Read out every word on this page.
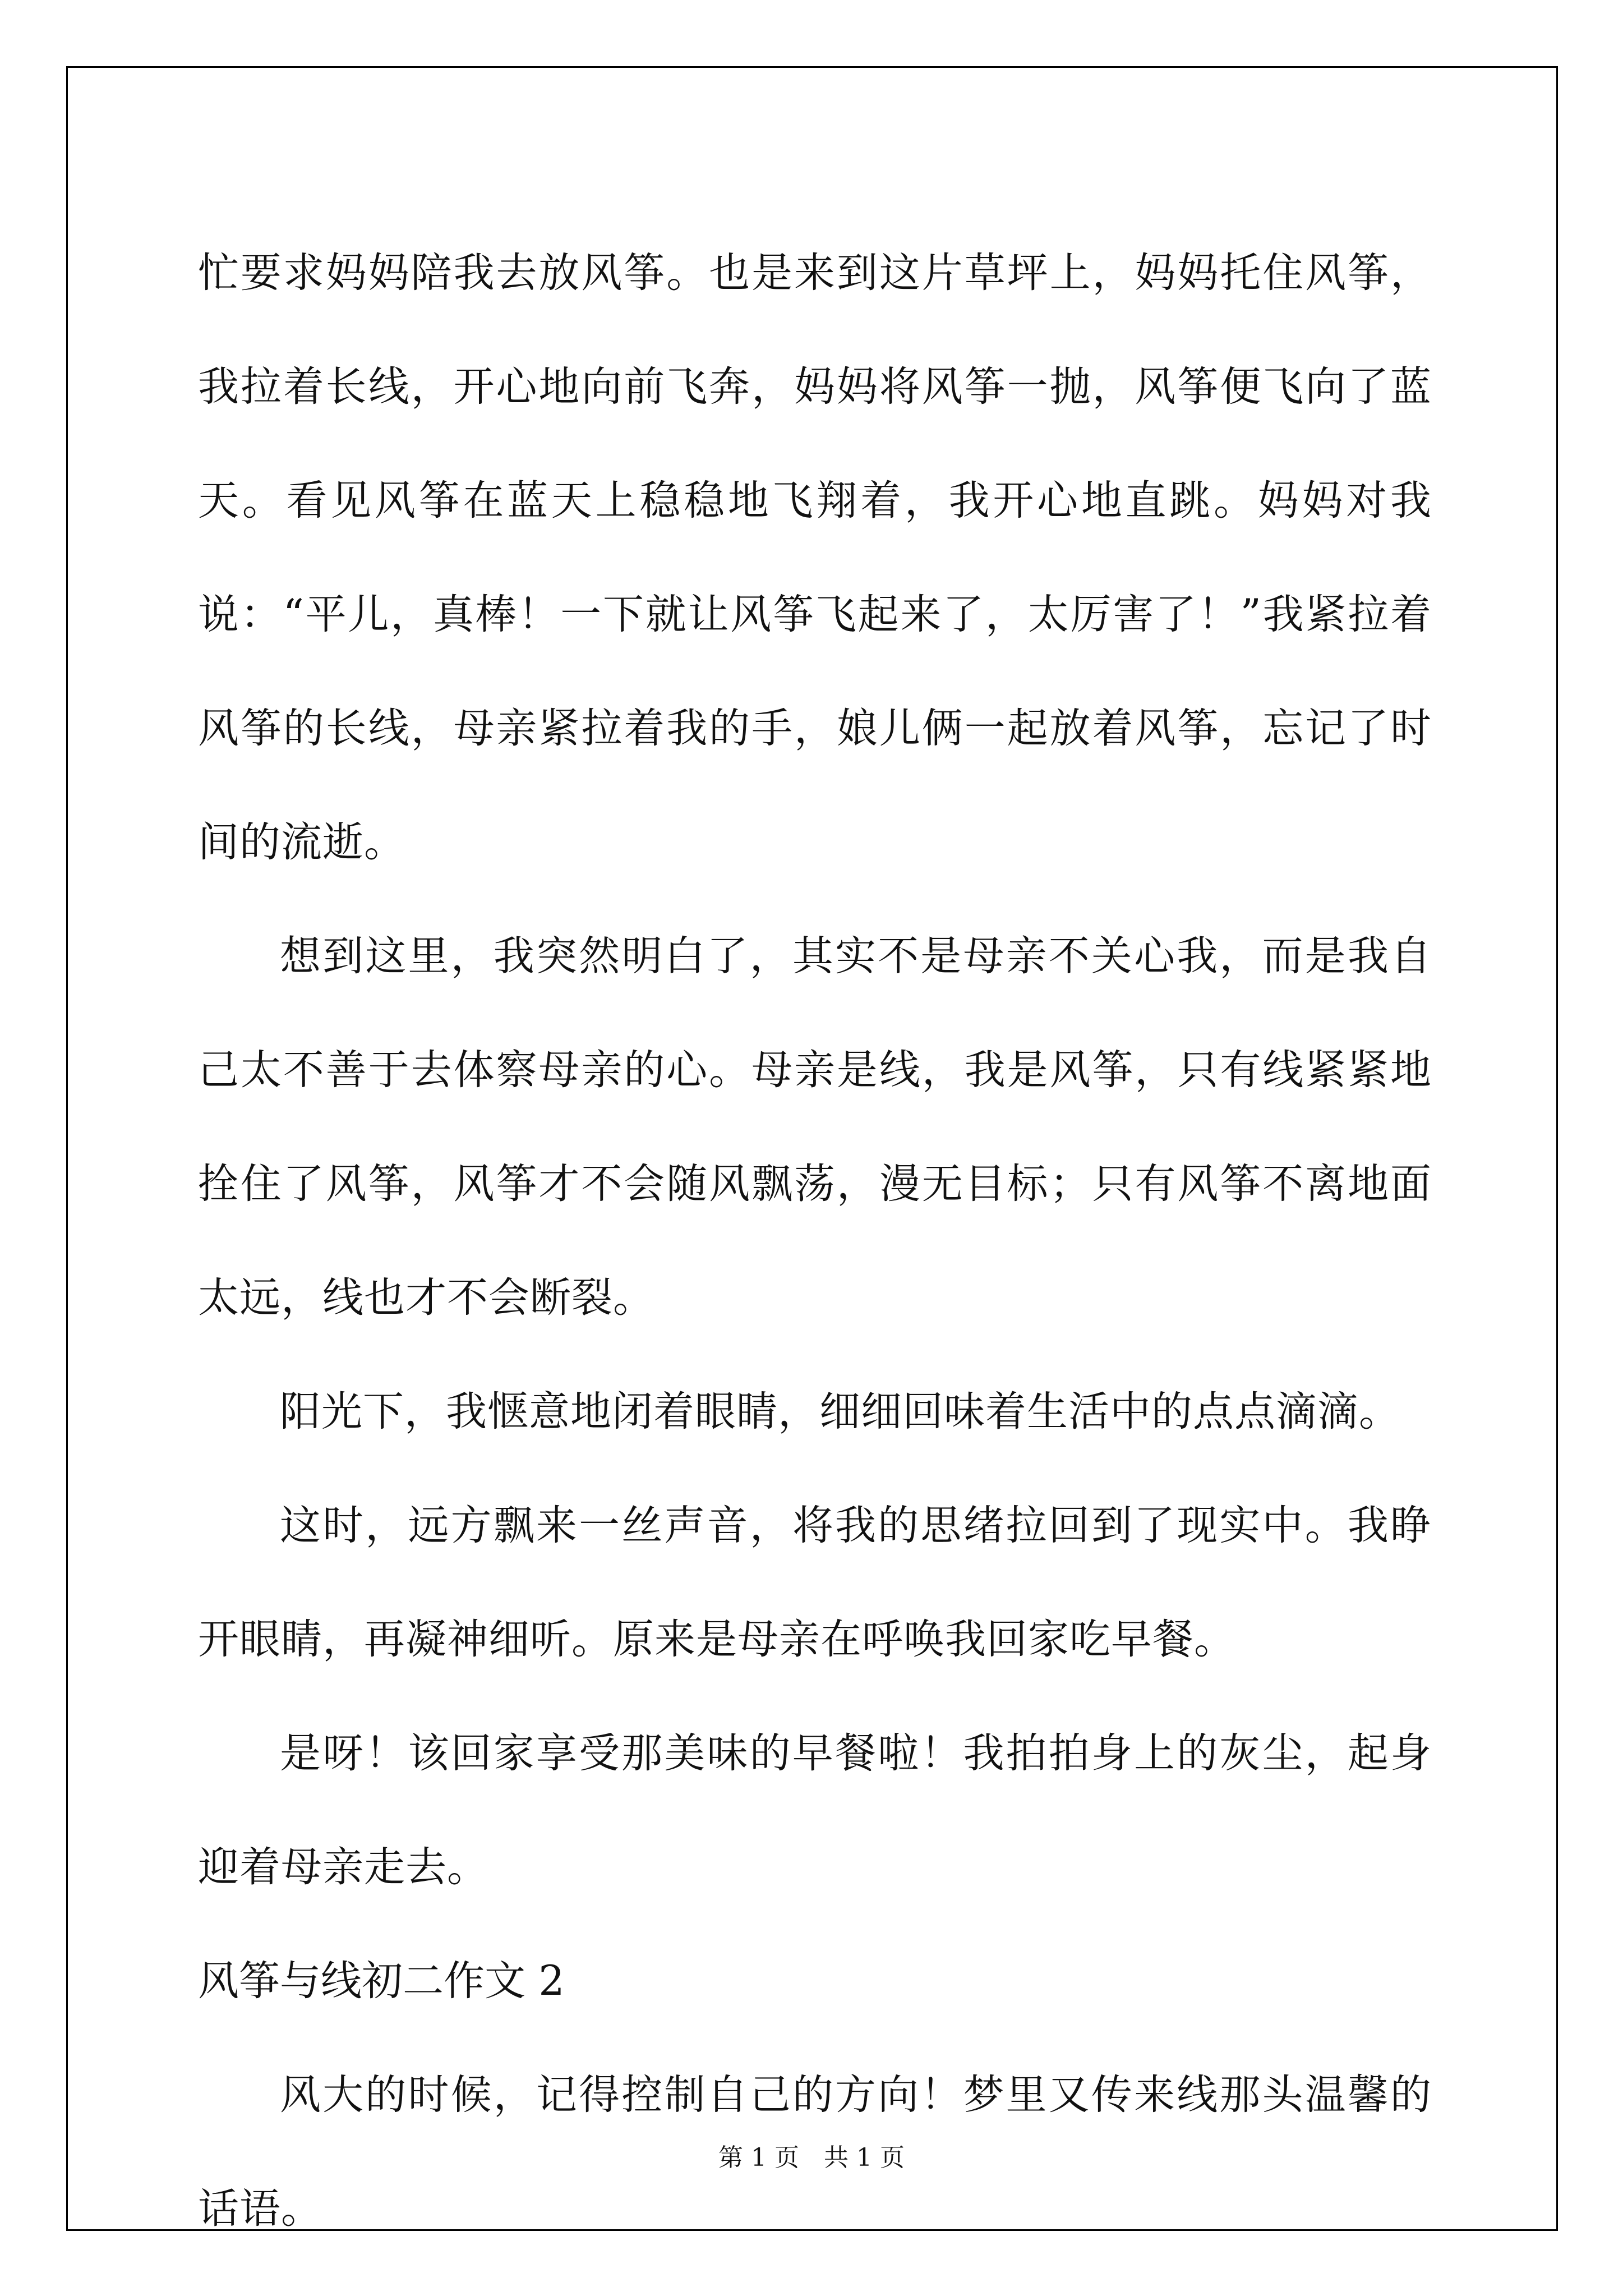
忙要求妈妈陪我去放风筝。也是来到这片草坪上，妈妈托住风筝，我拉着长线，开心地向前飞奔，妈妈将风筝一抛，风筝便飞向了蓝天。看见风筝在蓝天上稳稳地飞翔着，我开心地直跳。妈妈对我说：“平儿，真棒！一下就让风筝飞起来了，太厉害了！”我紧拉着风筝的长线，母亲紧拉着我的手，娘儿俩一起放着风筝，忘记了时间的流逝。

想到这里，我突然明白了，其实不是母亲不关心我，而是我自己太不善于去体察母亲的心。母亲是线，我是风筝，只有线紧紧地拴住了风筝，风筝才不会随风飘荡，漫无目标；只有风筝不离地面太远，线也才不会断裂。

阳光下，我惬意地闭着眼睛，细细回味着生活中的点点滴滴。

这时，远方飘来一丝声音，将我的思绪拉回到了现实中。我睁开眼睛，再凝神细听。原来是母亲在呼唤我回家吃早餐。

是呀！该回家享受那美味的早餐啦！我拍拍身上的灰尘，起身迎着母亲走去。

风筝与线初二作文 2

风大的时候，记得控制自己的方向！梦里又传来线那头温馨的话语。

第 1 页　共 1 页
